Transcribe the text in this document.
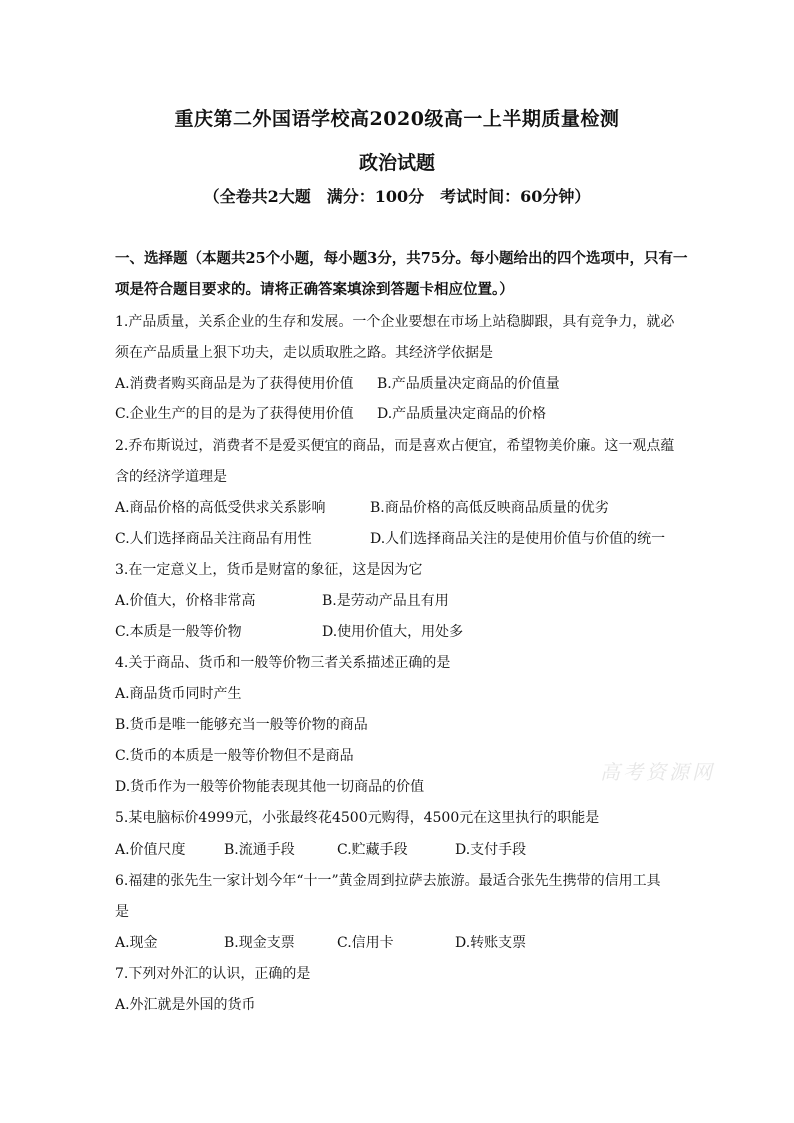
重庆第二外国语学校高2020级高一上半期质量检测
政治试题
（全卷共2大题　满分：100分　考试时间：60分钟）
一、选择题（本题共25个小题，每小题3分，共75分。每小题给出的四个选项中，只有一
项是符合题目要求的。请将正确答案填涂到答题卡相应位置。）
1.产品质量，关系企业的生存和发展。一个企业要想在市场上站稳脚跟，具有竞争力，就必
须在产品质量上狠下功夫，走以质取胜之路。其经济学依据是
A.消费者购买商品是为了获得使用价值 B.产品质量决定商品的价值量
C.企业生产的目的是为了获得使用价值 D.产品质量决定商品的价格
2.乔布斯说过，消费者不是爱买便宜的商品，而是喜欢占便宜，希望物美价廉。这一观点蕴
含的经济学道理是
A.商品价格的高低受供求关系影响	B.商品价格的高低反映商品质量的优劣
C.人们选择商品关注商品有用性	D.人们选择商品关注的是使用价值与价值的统一
3.在一定意义上，货币是财富的象征，这是因为它
A.价值大，价格非常高	B.是劳动产品且有用
C.本质是一般等价物	D.使用价值大，用处多
4.关于商品、货币和一般等价物三者关系描述正确的是
A.商品货币同时产生
B.货币是唯一能够充当一般等价物的商品
C.货币的本质是一般等价物但不是商品
D.货币作为一般等价物能表现其他一切商品的价值
5.某电脑标价4999元，小张最终花4500元购得，4500元在这里执行的职能是
A.价值尺度	B.流通手段	C.贮藏手段	D.支付手段
6.福建的张先生一家计划今年“十一”黄金周到拉萨去旅游。最适合张先生携带的信用工具
是
A.现金	B.现金支票	C.信用卡	D.转账支票
7.下列对外汇的认识，正确的是
A.外汇就是外国的货币
高考资源网
